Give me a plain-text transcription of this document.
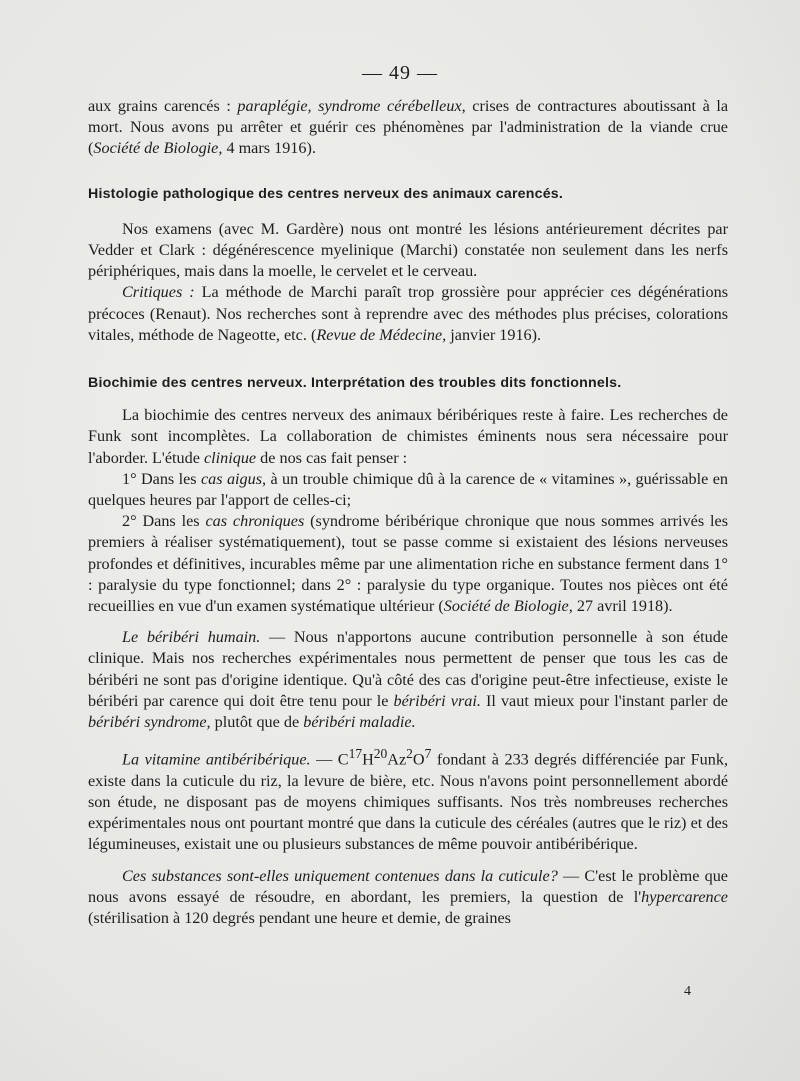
— 49 —

aux grains carencés : paraplégie, syndrome cérébelleux, crises de contractures aboutissant à la mort. Nous avons pu arrêter et guérir ces phénomènes par l'administration de la viande crue (Société de Biologie, 4 mars 1916).

Histologie pathologique des centres nerveux des animaux carencés.

Nos examens (avec M. Gardère) nous ont montré les lésions antérieurement décrites par Vedder et Clark : dégénérescence myelinique (Marchi) constatée non seulement dans les nerfs périphériques, mais dans la moelle, le cervelet et le cerveau.

Critiques : La méthode de Marchi paraît trop grossière pour apprécier ces dégénérations précoces (Renaut). Nos recherches sont à reprendre avec des méthodes plus précises, colorations vitales, méthode de Nageotte, etc. (Revue de Médecine, janvier 1916).

Biochimie des centres nerveux. Interprétation des troubles dits fonctionnels.

La biochimie des centres nerveux des animaux béribériques reste à faire. Les recherches de Funk sont incomplètes. La collaboration de chimistes éminents nous sera nécessaire pour l'aborder. L'étude clinique de nos cas fait penser :

1° Dans les cas aigus, à un trouble chimique dû à la carence de « vitamines », guérissable en quelques heures par l'apport de celles-ci;

2° Dans les cas chroniques (syndrome béribérique chronique que nous sommes arrivés les premiers à réaliser systématiquement), tout se passe comme si existaient des lésions nerveuses profondes et définitives, incurables même par une alimentation riche en substance ferment dans 1° : paralysie du type fonctionnel; dans 2° : paralysie du type organique. Toutes nos pièces ont été recueillies en vue d'un examen systématique ultérieur (Société de Biologie, 27 avril 1918).

Le béribéri humain. — Nous n'apportons aucune contribution personnelle à son étude clinique. Mais nos recherches expérimentales nous permettent de penser que tous les cas de béribéri ne sont pas d'origine identique. Qu'à côté des cas d'origine peut-être infectieuse, existe le béribéri par carence qui doit être tenu pour le béribéri vrai. Il vaut mieux pour l'instant parler de béribéri syndrome, plutôt que de béribéri maladie.

La vitamine antibéribérique. — $C^{17}H^{20}Az^2O^7$ fondant à 233 degrés différenciée par Funk, existe dans la cuticule du riz, la levure de bière, etc. Nous n'avons point personnellement abordé son étude, ne disposant pas de moyens chimiques suffisants. Nos très nombreuses recherches expérimentales nous ont pourtant montré que dans la cuticule des céréales (autres que le riz) et des légumineuses, existait une ou plusieurs substances de même pouvoir antibéribérique.

Ces substances sont-elles uniquement contenues dans la cuticule? — C'est le problème que nous avons essayé de résoudre, en abordant, les premiers, la question de l'hypercarence (stérilisation à 120 degrés pendant une heure et demie, de graines

4
